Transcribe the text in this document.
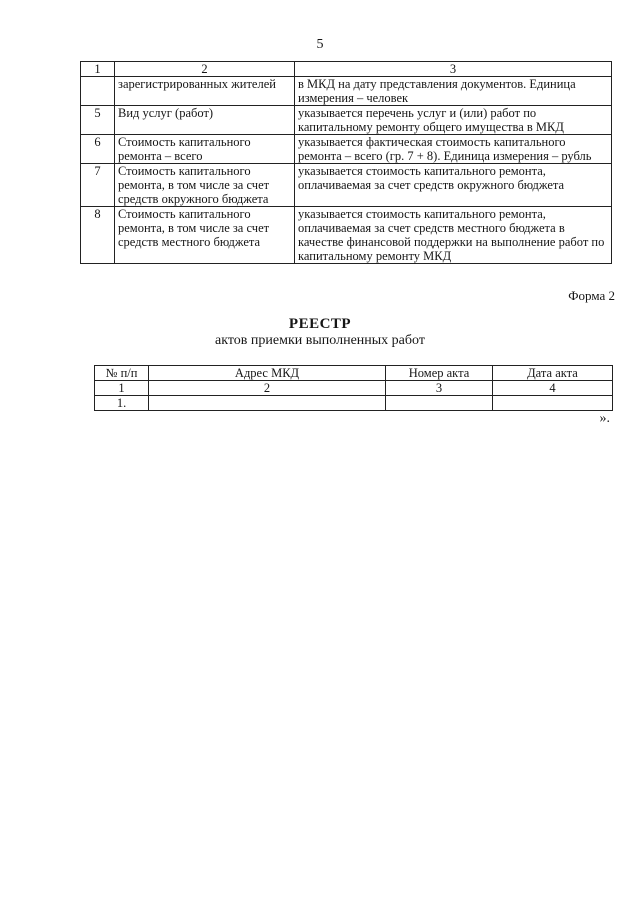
5
1	2	3
	зарегистрированных жителей	в МКД на дату представления документов. Единица измерения – человек
5	Вид услуг (работ)	указывается перечень услуг и (или) работ по капитальному ремонту общего имущества в МКД
6	Стоимость капитального ремонта – всего	указывается фактическая стоимость капитального ремонта – всего (гр. 7 + 8). Единица измерения – рубль
7	Стоимость капитального ремонта, в том числе за счет средств окружного бюджета	указывается стоимость капитального ремонта, оплачиваемая за счет средств окружного бюджета
8	Стоимость капитального ремонта, в том числе за счет средств местного бюджета	указывается стоимость капитального ремонта, оплачиваемая за счет средств местного бюджета в качестве финансовой поддержки на выполнение работ по капитальному ремонту МКД
Форма 2
РЕЕСТР
актов приемки выполненных работ
№ п/п	Адрес МКД	Номер акта	Дата акта
1	2	3	4
1.			
».
